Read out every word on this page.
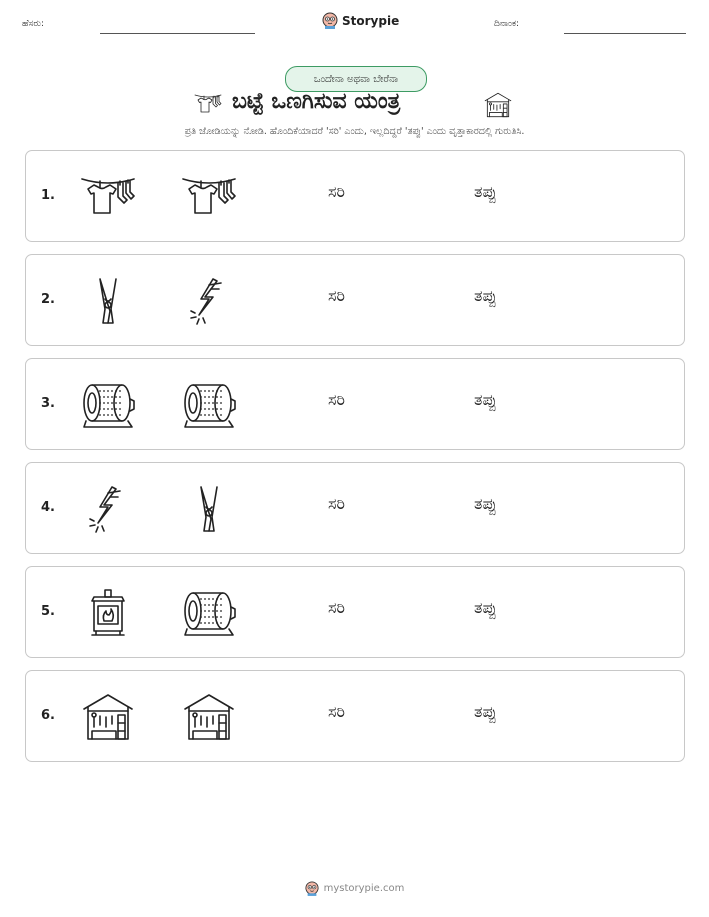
ಹೆಸರು:	Storypie	ದಿನಾಂಕ:
ಒಂದೇನಾ ಅಥವಾ ಬೇರೆನಾ
ಬಟ್ಟೆ ಒಣಗಿಸುವ ಯಂತ್ರ
ಪ್ರತಿ ಜೋಡಿಯನ್ನು ನೋಡಿ. ಹೊಂದಿಕೆಯಾದರೆ 'ಸರಿ' ಎಂದು, ಇಲ್ಲದಿದ್ದರೆ 'ತಪ್ಪು' ಎಂದು ವೃತ್ತಾಕಾರದಲ್ಲಿ ಗುರುತಿಸಿ.
1.	ಸರಿ	ತಪ್ಪು
2.	ಸರಿ	ತಪ್ಪು
3.	ಸರಿ	ತಪ್ಪು
4.	ಸರಿ	ತಪ್ಪು
5.	ಸರಿ	ತಪ್ಪು
6.	ಸರಿ	ತಪ್ಪು
mystorypie.com
